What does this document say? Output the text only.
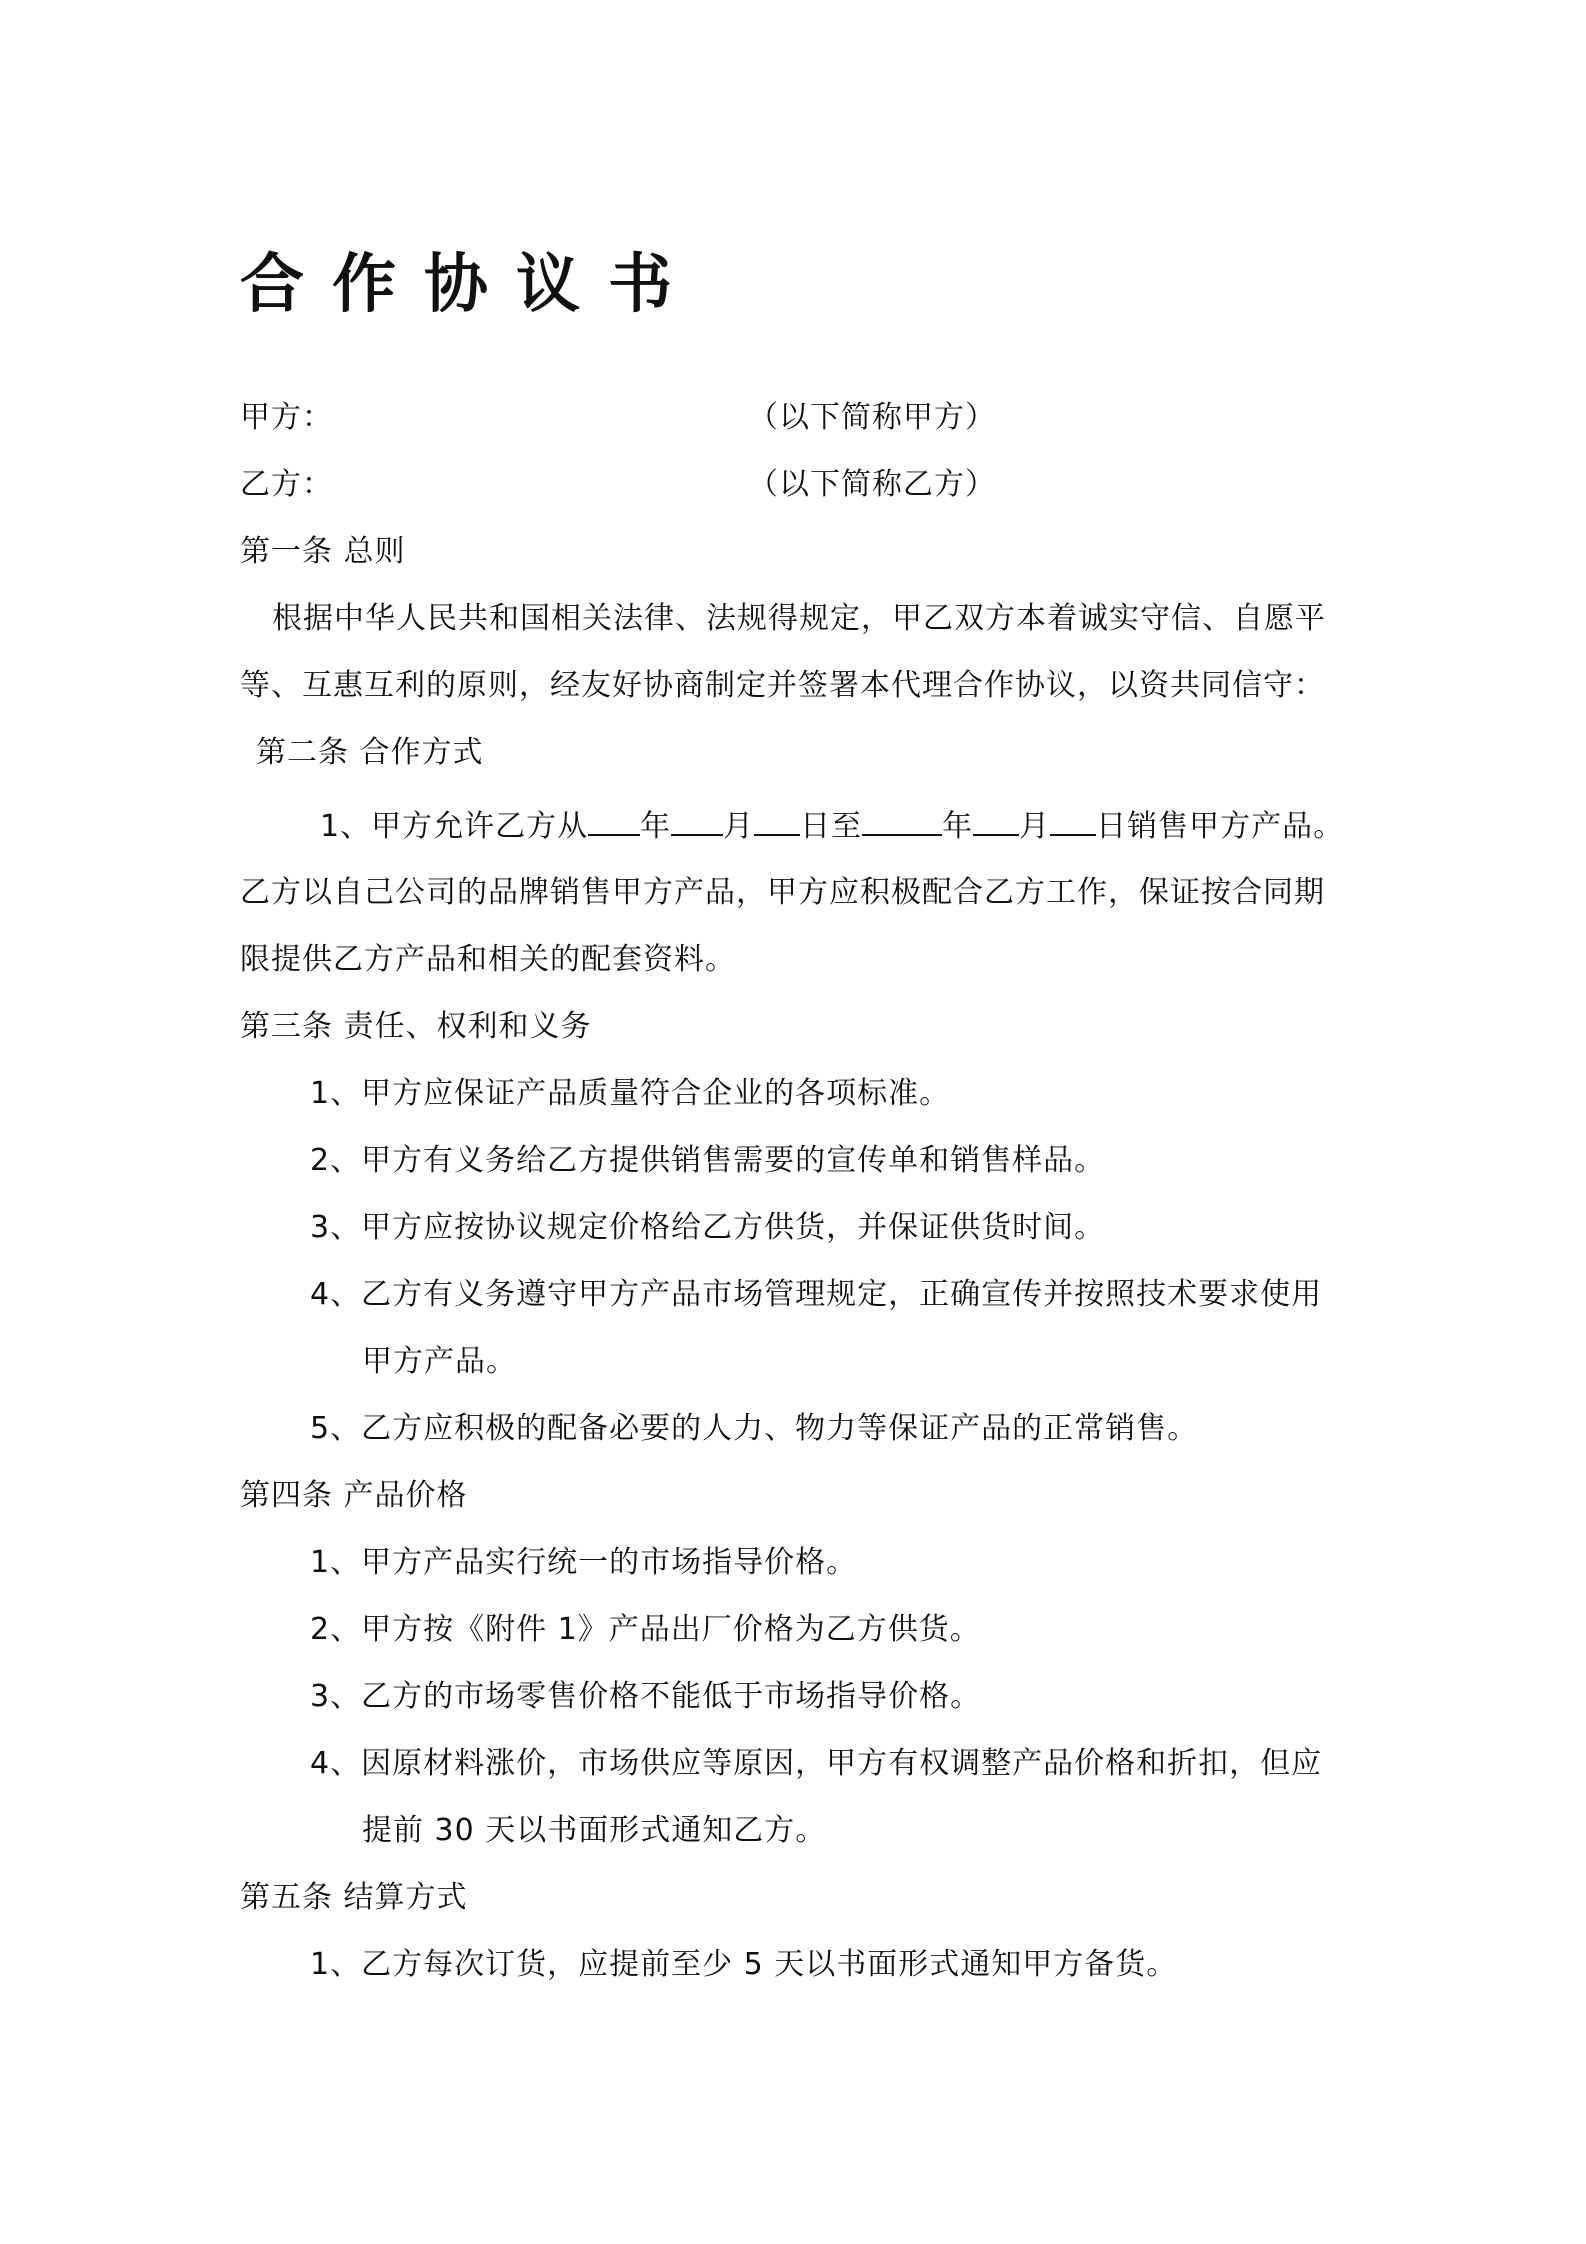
合作协议书
甲方：	（以下简称甲方）
乙方：	（以下简称乙方）
第一条 总则
根据中华人民共和国相关法律、法规得规定，甲乙双方本着诚实守信、自愿平
等、互惠互利的原则，经友好协商制定并签署本代理合作协议，以资共同信守：
第二条 合作方式
1、甲方允许乙方从 年 月 日至	年 月 日销售甲方产品。
乙方以自己公司的品牌销售甲方产品，甲方应积极配合乙方工作，保证按合同期
限提供乙方产品和相关的配套资料。
第三条 责任、权利和义务
1、甲方应保证产品质量符合企业的各项标准。
2、甲方有义务给乙方提供销售需要的宣传单和销售样品。
3、甲方应按协议规定价格给乙方供货，并保证供货时间。
4、乙方有义务遵守甲方产品市场管理规定，正确宣传并按照技术要求使用
甲方产品。
5、乙方应积极的配备必要的人力、物力等保证产品的正常销售。
第四条 产品价格
1、甲方产品实行统一的市场指导价格。
2、甲方按《附件 1》产品出厂价格为乙方供货。
3、乙方的市场零售价格不能低于市场指导价格。
4、因原材料涨价，市场供应等原因，甲方有权调整产品价格和折扣，但应
提前 30 天以书面形式通知乙方。
第五条 结算方式
1、乙方每次订货，应提前至少 5 天以书面形式通知甲方备货。
